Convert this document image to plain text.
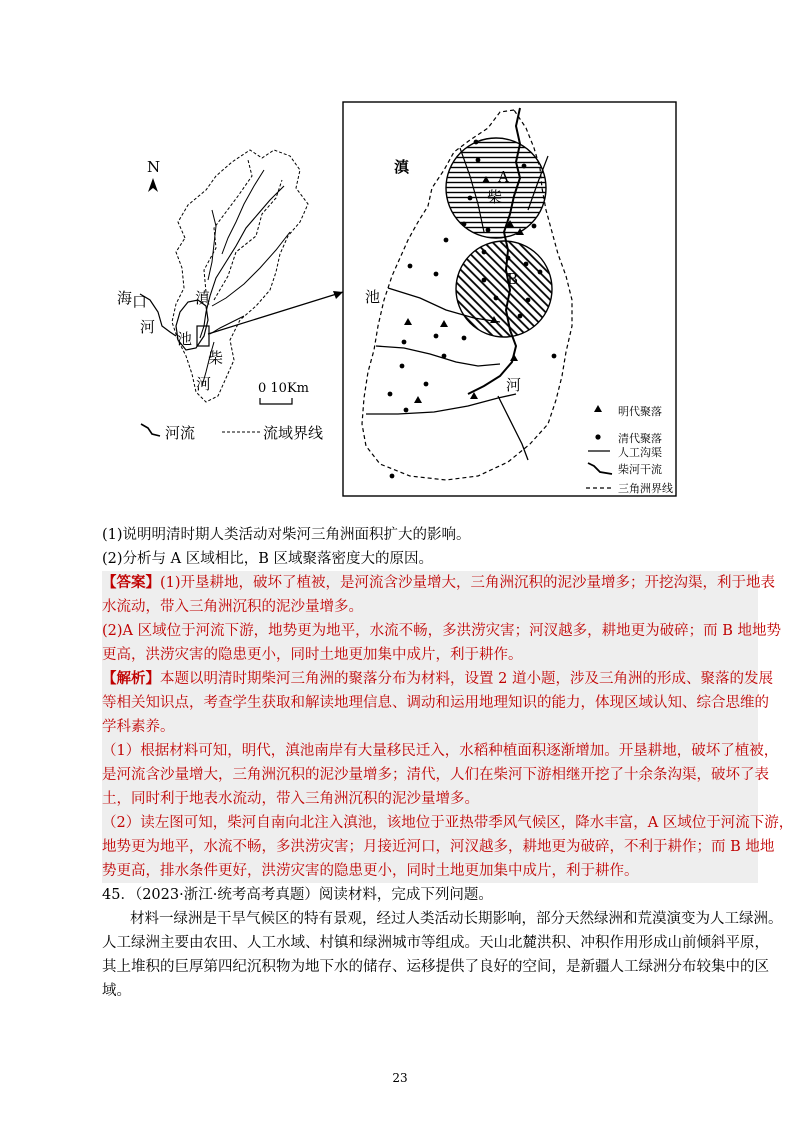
N
海 口
河
滇
池
柴
河	0 10Km
河流	流域界线
滇
池
河
A
柴
B
明代聚落
清代聚落
人工沟渠
柴河干流
三角洲界线
(1)说明明清时期人类活动对柴河三角洲面积扩大的影响。
(2)分析与 A 区域相比，B 区域聚落密度大的原因。
【答案】(1)开垦耕地，破坏了植被，是河流含沙量增大，三角洲沉积的泥沙量增多；开挖沟渠，利于地表
水流动，带入三角洲沉积的泥沙量增多。
(2)A 区域位于河流下游，地势更为地平，水流不畅，多洪涝灾害；河汊越多，耕地更为破碎；而 B 地地势
更高，洪涝灾害的隐患更小，同时土地更加集中成片，利于耕作。
【解析】本题以明清时期柴河三角洲的聚落分布为材料，设置 2 道小题，涉及三角洲的形成、聚落的发展
等相关知识点，考查学生获取和解读地理信息、调动和运用地理知识的能力，体现区域认知、综合思维的
学科素养。
（1）根据材料可知，明代，滇池南岸有大量移民迁入，水稻种植面积逐渐增加。开垦耕地，破坏了植被，
是河流含沙量增大，三角洲沉积的泥沙量增多；清代，人们在柴河下游相继开挖了十余条沟渠，破坏了表
土，同时利于地表水流动，带入三角洲沉积的泥沙量增多。
（2）读左图可知，柴河自南向北注入滇池，该地位于亚热带季风气候区，降水丰富，A 区域位于河流下游，
地势更为地平，水流不畅，多洪涝灾害；月接近河口，河汊越多，耕地更为破碎，不利于耕作；而 B 地地
势更高，排水条件更好，洪涝灾害的隐患更小，同时土地更加集中成片，利于耕作。
45．（2023·浙江·统考高考真题）阅读材料，完成下列问题。
材料一绿洲是干旱气候区的特有景观，经过人类活动长期影响，部分天然绿洲和荒漠演变为人工绿洲。
人工绿洲主要由农田、人工水域、村镇和绿洲城市等组成。天山北麓洪积、冲积作用形成山前倾斜平原，
其上堆积的巨厚第四纪沉积物为地下水的储存、运移提供了良好的空间，是新疆人工绿洲分布较集中的区
域。
23
